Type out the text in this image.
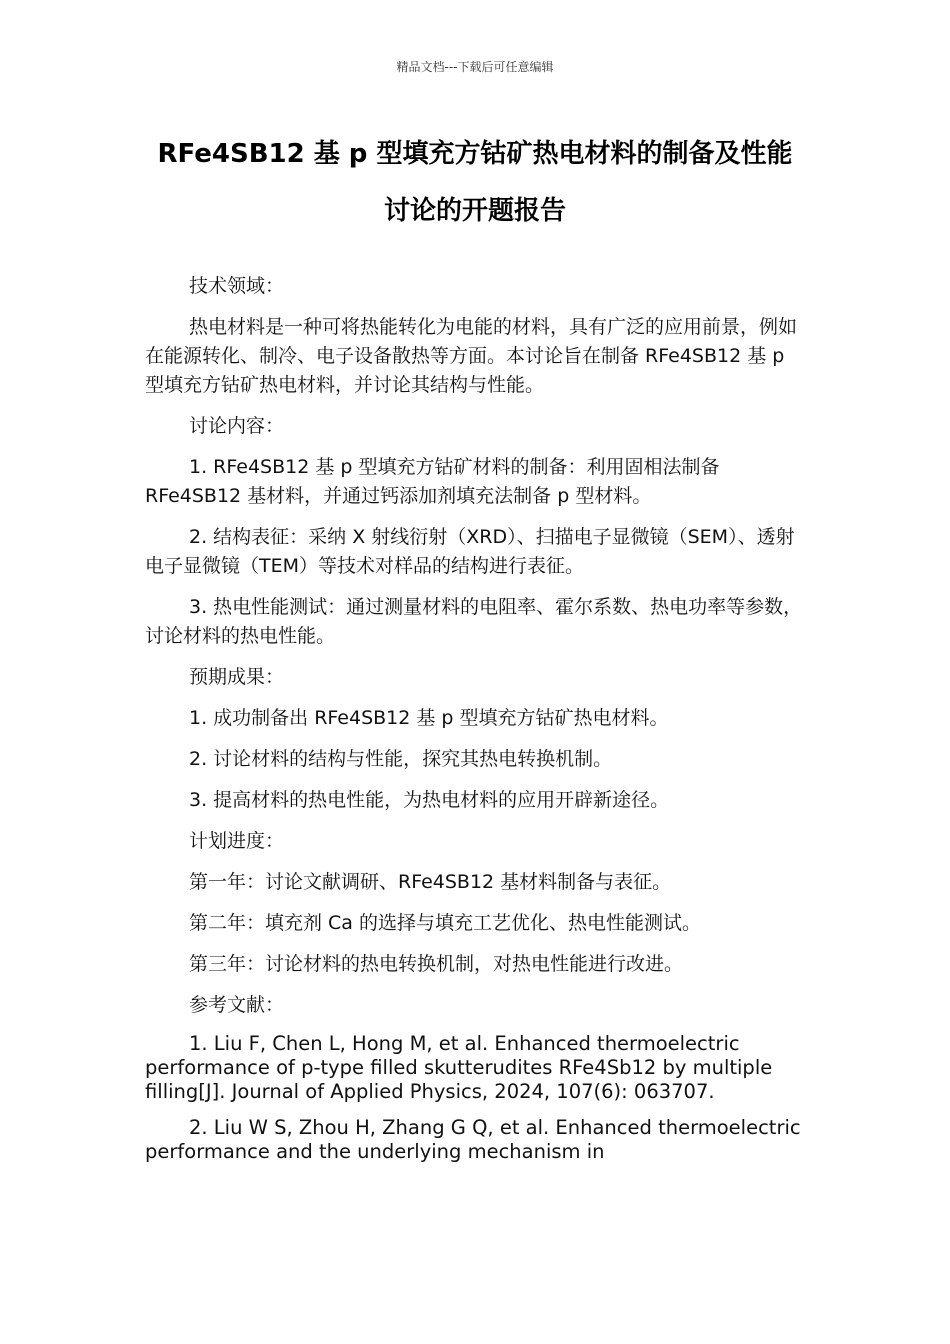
精品文档---下载后可任意编辑
RFe4SB12 基 p 型填充方钴矿热电材料的制备及性能
讨论的开题报告

技术领域：

热电材料是一种可将热能转化为电能的材料，具有广泛的应用前景，例如在能源转化、制冷、电子设备散热等方面。本讨论旨在制备 RFe4SB12 基 p 型填充方钴矿热电材料，并讨论其结构与性能。

讨论内容：

1. RFe4SB12 基 p 型填充方钴矿材料的制备：利用固相法制备 RFe4SB12 基材料，并通过钙添加剂填充法制备 p 型材料。

2. 结构表征：采纳 X 射线衍射（XRD）、扫描电子显微镜（SEM）、透射电子显微镜（TEM）等技术对样品的结构进行表征。

3. 热电性能测试：通过测量材料的电阻率、霍尔系数、热电功率等参数，讨论材料的热电性能。

预期成果：

1. 成功制备出 RFe4SB12 基 p 型填充方钴矿热电材料。

2. 讨论材料的结构与性能，探究其热电转换机制。

3. 提高材料的热电性能，为热电材料的应用开辟新途径。

计划进度：

第一年：讨论文献调研、RFe4SB12 基材料制备与表征。

第二年：填充剂 Ca 的选择与填充工艺优化、热电性能测试。

第三年：讨论材料的热电转换机制，对热电性能进行改进。

参考文献：

1. Liu F, Chen L, Hong M, et al. Enhanced thermoelectric performance of p-type filled skutterudites RFe4Sb12 by multiple filling[J]. Journal of Applied Physics, 2024, 107(6): 063707.

2. Liu W S, Zhou H, Zhang G Q, et al. Enhanced thermoelectric performance and the underlying mechanism in
